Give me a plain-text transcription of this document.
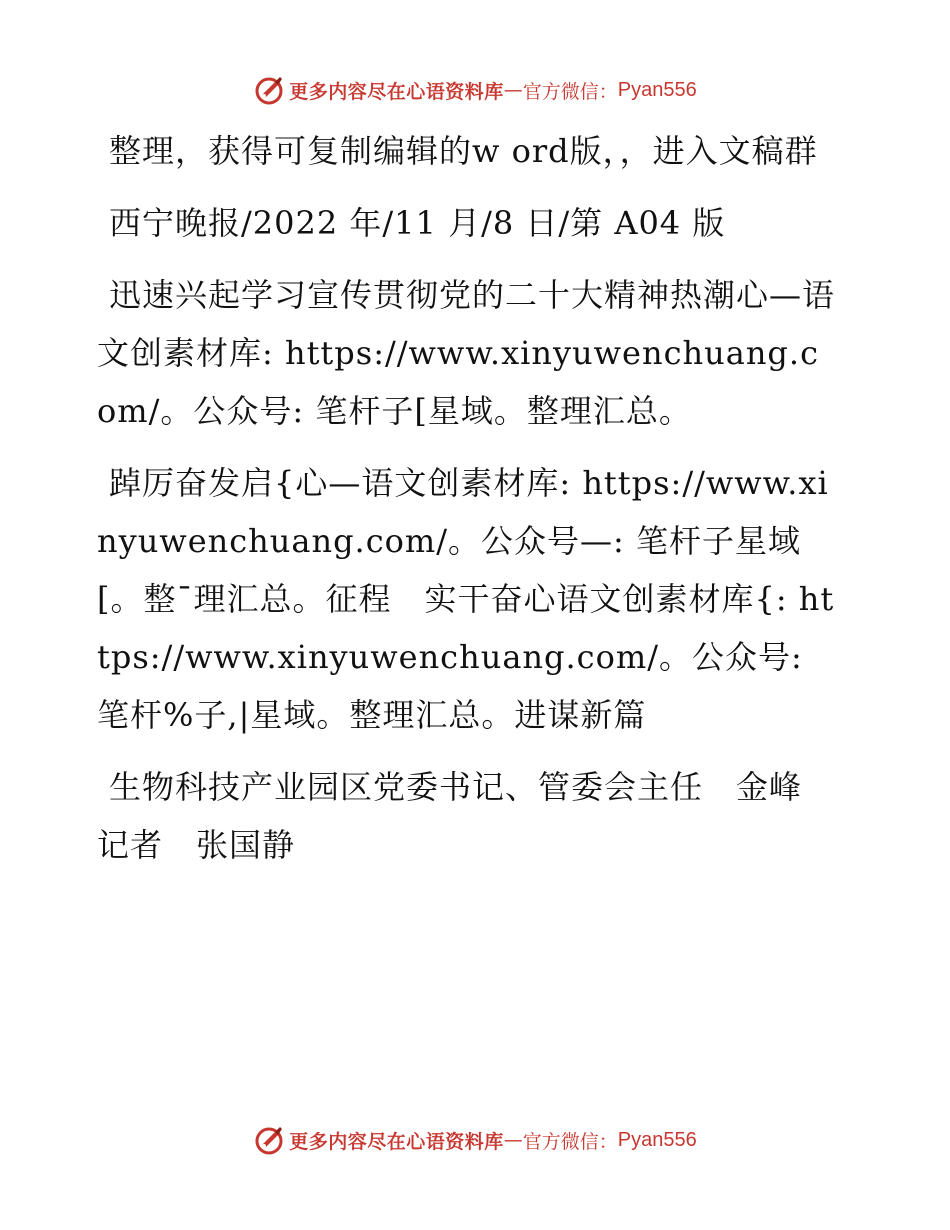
更多内容尽在心语资料库 — 官方微信： Pyan556

整理，获得可复制编辑的w ord版，，进入文稿群

西宁晚报/2022 年/11 月/8 日/第 A04 版

迅速兴起学习宣传贯彻党的二十大精神热潮心—语文创素材库: https://www.xinyuwenchuang.com/。公众号: 笔杆子[星域。整理汇总。

踔厉奋发启{心—语文创素材库: https://www.xinyuwenchuang.com/。公众号—: 笔杆子星域[。整¯理汇总。征程　实干奋心语文创素材库{: https://www.xinyuwenchuang.com/。公众号: 笔杆%子,|星域。整理汇总。进谋新篇

生物科技产业园区党委书记、管委会主任　金峰　记者　张国静

更多内容尽在心语资料库 — 官方微信： Pyan556
